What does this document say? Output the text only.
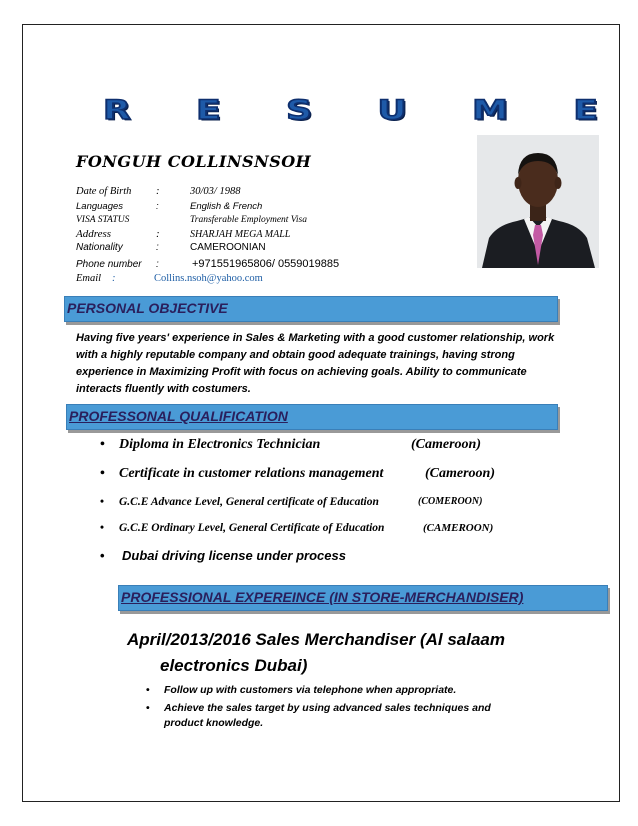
R E S U M E
FONGUH COLLINSNSOH
Date of Birth :	30/03/ 1988
Languages	:	English & French
VISA STATUS	Transferable Employment Visa
Address	:	SHARJAH MEGA MALL
Nationality	:	CAMEROONIAN
Phone number :	+971551965806/ 0559019885
Email :	Collins.nsoh@yahoo.com
PERSONAL OBJECTIVE
Having five years' experience in Sales & Marketing with a good customer relationship, work with a highly reputable company and obtain good adequate trainings, having strong experience in Maximizing Profit with focus on achieving goals. Ability to communicate interacts fluently with costumers.
PROFESSONAL QUALIFICATION
• Diploma in Electronics Technician	(Cameroon)
• Certificate in customer relations management	(Cameroon)
• G.C.E Advance Level, General certificate of Education	(COMEROON)
• G.C.E Ordinary Level, General Certificate of Education	(CAMEROON)
• Dubai driving license under process
PROFESSIONAL EXPEREINCE (IN STORE-MERCHANDISER)
April/2013/2016 Sales Merchandiser (Al salaam
electronics Dubai)
• Follow up with customers via telephone when appropriate.
• Achieve the sales target by using advanced sales techniques and product knowledge.
